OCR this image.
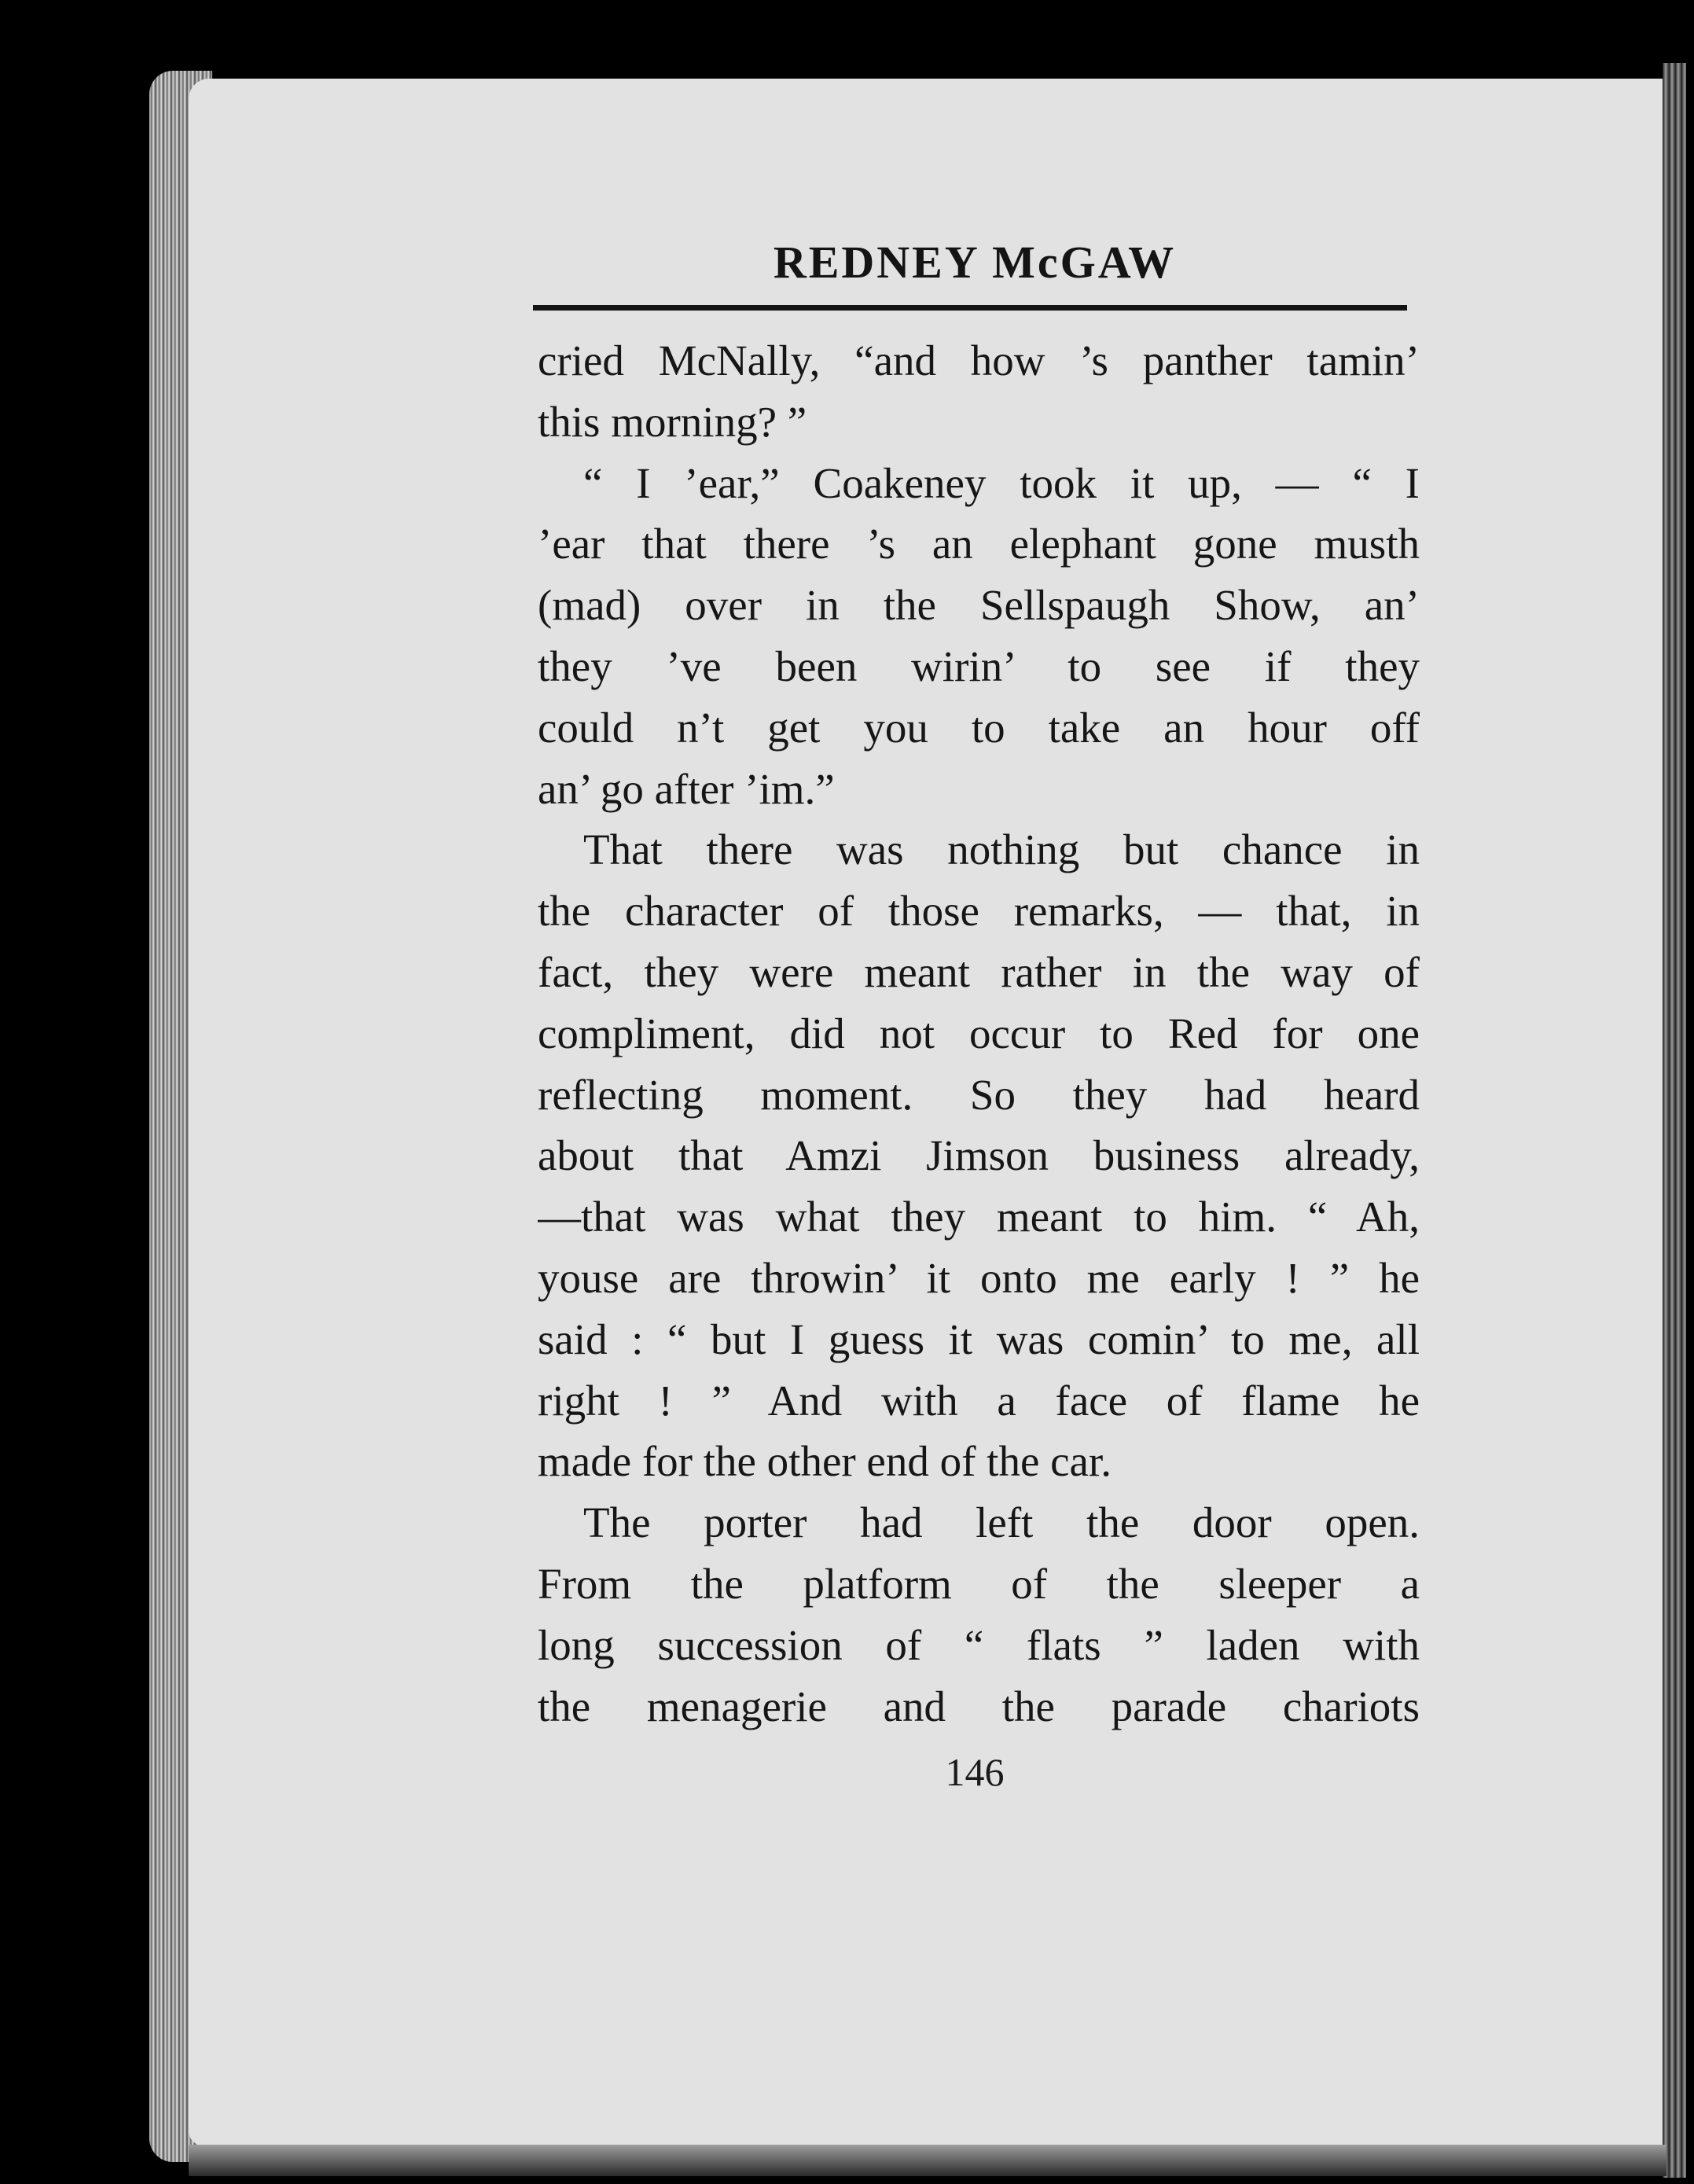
REDNEY McGAW
cried McNally, “and how ’s panther tamin’
this morning? ”
“ I ’ear,” Coakeney took it up, — “ I
’ear that there ’s an elephant gone musth
(mad) over in the Sellspaugh Show, an’
they ’ve been wirin’ to see if they
could n’t get you to take an hour off
an’ go after ’im.”
That there was nothing but chance in
the character of those remarks, — that, in
fact, they were meant rather in the way of
compliment, did not occur to Red for one
reflecting moment. So they had heard
about that Amzi Jimson business already,
—that was what they meant to him. “ Ah,
youse are throwin’ it onto me early ! ” he
said : “ but I guess it was comin’ to me, all
right ! ” And with a face of flame he
made for the other end of the car.
The porter had left the door open.
From the platform of the sleeper a
long succession of “ flats ” laden with
the menagerie and the parade chariots
146
